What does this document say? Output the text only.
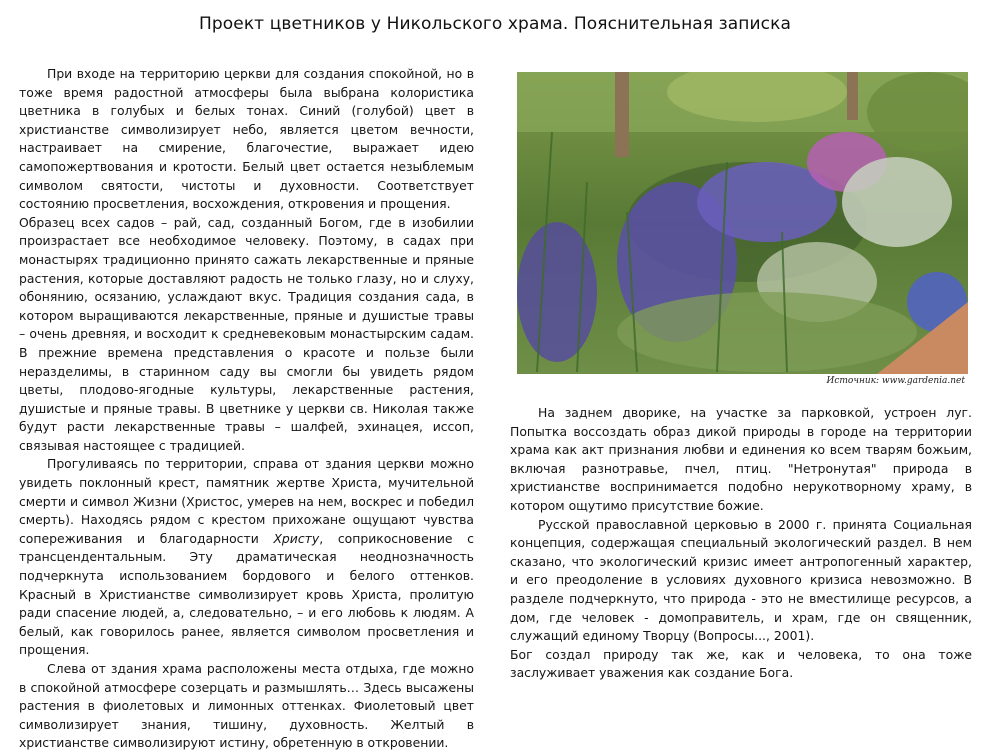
Проект цветников у Никольского храма. Пояснительная записка

При входе на территорию церкви для создания спокойной, но в тоже время радостной атмосферы была выбрана колористика цветника в голубых и белых тонах. Синий (голубой) цвет в христианстве символизирует небо, является цветом вечности, настраивает на смирение, благочестие, выражает идею самопожертвования и кротости. Белый цвет остается незыблемым символом святости, чистоты и духовности. Соответствует состоянию просветления, восхождения, откровения и прощения.

Образец всех садов – рай, сад, созданный Богом, где в изобилии произрастает все необходимое человеку. Поэтому, в садах при монастырях традиционно принято сажать лекарственные и пряные растения, которые доставляют радость не только глазу, но и слуху, обонянию, осязанию, услаждают вкус. Традиция создания сада, в котором выращиваются лекарственные, пряные и душистые травы – очень древняя, и восходит к средневековым монастырским садам. В прежние времена представления о красоте и пользе были неразделимы, в старинном саду вы смогли бы увидеть рядом цветы, плодово-ягодные культуры, лекарственные растения, душистые и пряные травы. В цветнике у церкви св. Николая также будут расти лекарственные травы – шалфей, эхинацея, иссоп, связывая настоящее с традицией.

Прогуливаясь по территории, справа от здания церкви можно увидеть поклонный крест, памятник жертве Христа, мучительной смерти и символ Жизни (Христос, умерев на нем, воскрес и победил смерть). Находясь рядом с крестом прихожане ощущают чувства сопереживания и благодарности Христу, соприкосновение с трансцендентальным. Эту драматическая неоднозначность подчеркнута использованием бордового и белого оттенков. Красный в Христианстве символизирует кровь Христа, пролитую ради спасение людей, а, следовательно, – и его любовь к людям. А белый, как говорилось ранее, является символом просветления и прощения.

Слева от здания храма расположены места отдыха, где можно в спокойной атмосфере созерцать и размышлять… Здесь высажены растения в фиолетовых и лимонных оттенках. Фиолетовый цвет символизирует знания, тишину, духовность. Желтый в христианстве символизируют истину, обретенную в откровении.

Источник: www.gardenia.net

На заднем дворике, на участке за парковкой, устроен луг. Попытка воссоздать образ дикой природы в городе на территории храма как акт признания любви и единения ко всем тварям божьим, включая разнотравье, пчел, птиц. "Нетронутая" природа в христианстве воспринимается подобно нерукотворному храму, в котором ощутимо присутствие божие.

Русской православной церковью в 2000 г. принята Социальная концепция, содержащая специальный экологический раздел. В нем сказано, что экологический кризис имеет антропогенный характер, и его преодоление в условиях духовного кризиса невозможно. В разделе подчеркнуто, что природа - это не вместилище ресурсов, а дом, где человек - домоправитель, и храм, где он священник, служащий единому Творцу (Вопросы..., 2001).

Бог создал природу так же, как и человека, то она тоже заслуживает уважения как создание Бога.
